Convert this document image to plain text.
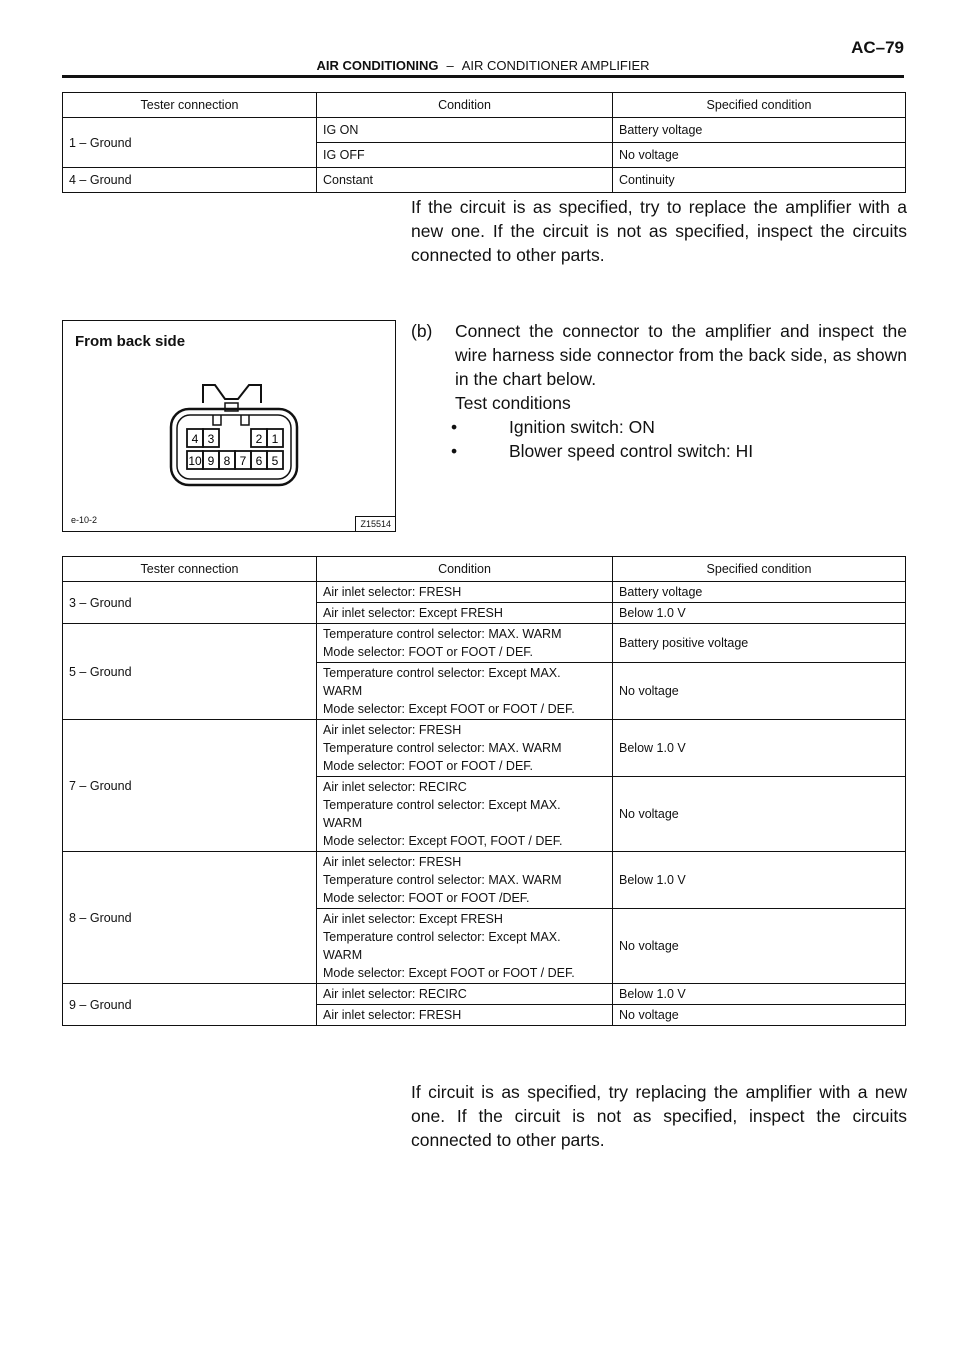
AC–79
AIR CONDITIONING – AIR CONDITIONER AMPLIFIER
Tester connection	Condition	Specified condition
1 – Ground	IG ON	Battery voltage
	IG OFF	No voltage
4 – Ground	Constant	Continuity
If the circuit is as specified, try to replace the amplifier with a new one. If the circuit is not as specified, inspect the circuits connected to other parts.
From back side
4 3	2 1
10 9 8 7 6 5
e-10-2	Z15514
(b) Connect the connector to the amplifier and inspect the wire harness side connector from the back side, as shown in the chart below.
Test conditions
•	Ignition switch: ON
•	Blower speed control switch: HI
Tester connection	Condition	Specified condition
3 – Ground	Air inlet selector: FRESH	Battery voltage

	Air inlet selector: Except FRESH	Below 1.0 V
5 – Ground	Temperature control selector: MAX. WARM
Mode selector: FOOT or FOOT / DEF.	Battery positive voltage

	Temperature control selector: Except MAX.
WARM
Mode selector: Except FOOT or FOOT / DEF.	No voltage
7 – Ground	Air inlet selector: FRESH
Temperature control selector: MAX. WARM
Mode selector: FOOT or FOOT / DEF.	Below 1.0 V

	Air inlet selector: RECIRC
Temperature control selector: Except MAX.
WARM
Mode selector: Except FOOT, FOOT / DEF.	No voltage
8 – Ground	Air inlet selector: FRESH
Temperature control selector: MAX. WARM
Mode selector: FOOT or FOOT /DEF.	Below 1.0 V

	Air inlet selector: Except FRESH
Temperature control selector: Except MAX.
WARM
Mode selector: Except FOOT or FOOT / DEF.	No voltage
9 – Ground	Air inlet selector: RECIRC	Below 1.0 V

	Air inlet selector: FRESH	No voltage
If circuit is as specified, try replacing the amplifier with a new one. If the circuit is not as specified, inspect the circuits connected to other parts.
